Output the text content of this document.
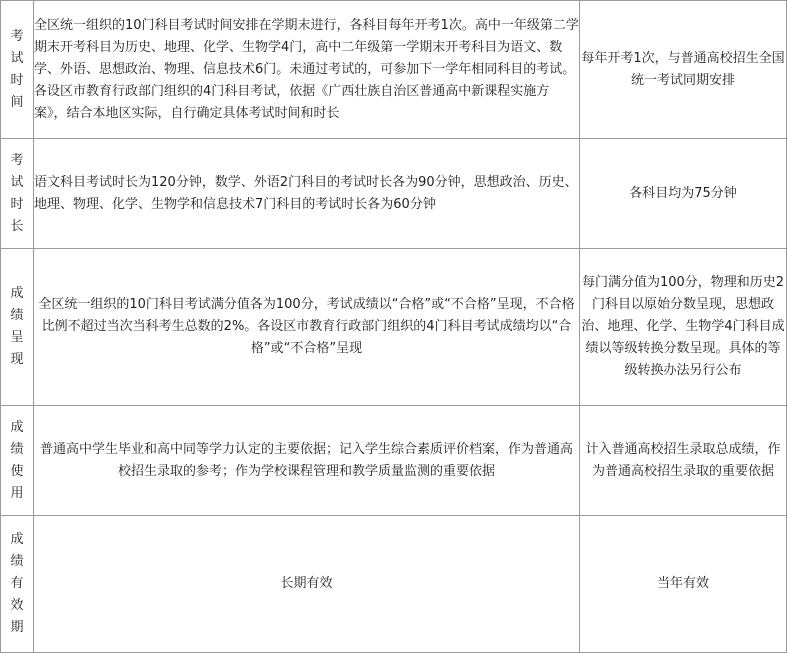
考
试
时
间	全区统一组织的10门科目考试时间安排在学期末进行，各科目每年开考1次。高中一年级第二学期末开考科目为历史、地理、化学、生物学4门，高中二年级第一学期末开考科目为语文、数学、外语、思想政治、物理、信息技术6门。未通过考试的，可参加下一学年相同科目的考试。各设区市教育行政部门组织的4门科目考试，依据《广西壮族自治区普通高中新课程实施方案》，结合本地区实际，自行确定具体考试时间和时长	每年开考1次，与普通高校招生全国统一考试同期安排

考
试
时
长	语文科目考试时长为120分钟，数学、外语2门科目的考试时长各为90分钟，思想政治、历史、地理、物理、化学、生物学和信息技术7门科目的考试时长各为60分钟	各科目均为75分钟

成
绩
呈
现	全区统一组织的10门科目考试满分值各为100分，考试成绩以“合格”或“不合格”呈现，不合格比例不超过当次当科考生总数的2%。各设区市教育行政部门组织的4门科目考试成绩均以“合格”或“不合格”呈现	每门满分值为100分，物理和历史2门科目以原始分数呈现，思想政治、地理、化学、生物学4门科目成绩以等级转换分数呈现。具体的等级转换办法另行公布

成
绩
使
用	普通高中学生毕业和高中同等学力认定的主要依据；记入学生综合素质评价档案，作为普通高校招生录取的参考；作为学校课程管理和教学质量监测的重要依据	计入普通高校招生录取总成绩，作为普通高校招生录取的重要依据

成
绩
有
效
期	长期有效	当年有效
